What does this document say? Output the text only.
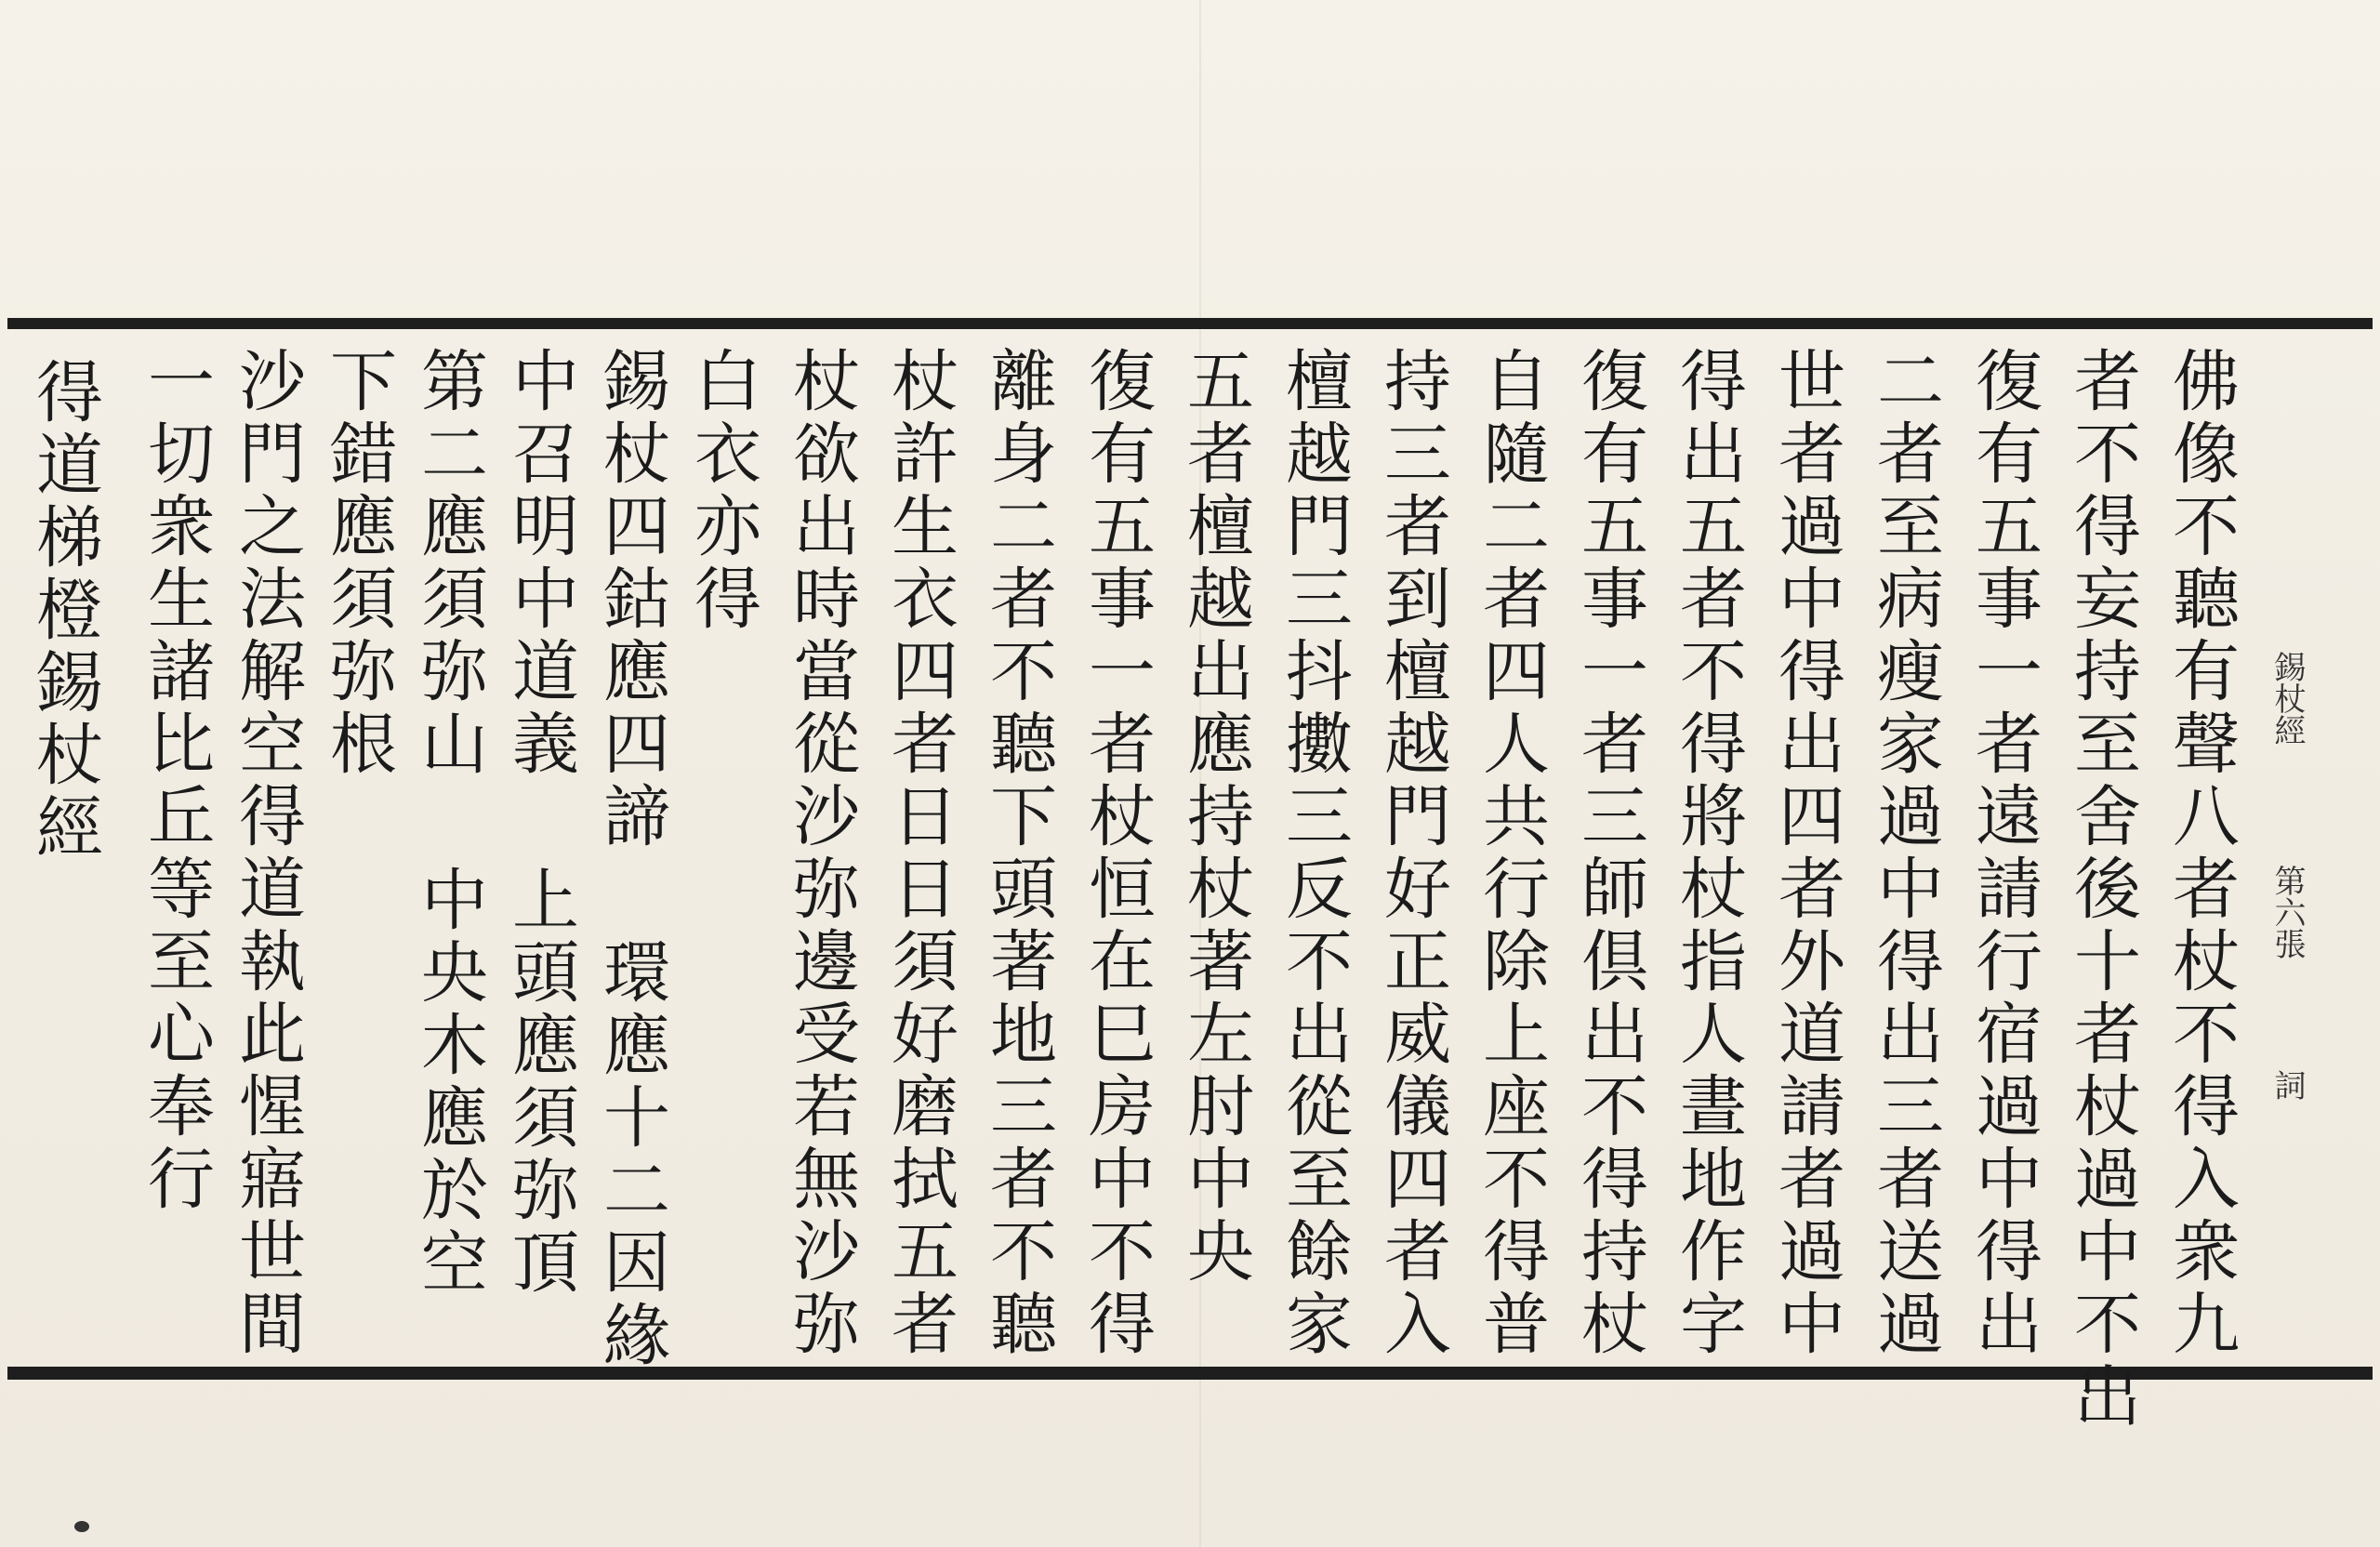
錫杖經
第六張
詞
佛像不聽有聲八者杖不得入衆九
者不得妄持至舍後十者杖過中不出
復有五事一者遠請行宿過中得出
二者至病瘦家過中得出三者送過
世者過中得出四者外道請者過中
得出五者不得將杖指人晝地作字
復有五事一者三師倶出不得持杖
自隨二者四人共行除上座不得普
持三者到檀越門好正威儀四者入
檀越門三抖擻三反不出從至餘家
五者檀越出應持杖著左肘中央
復有五事一者杖恒在巳房中不得
離身二者不聽下頭著地三者不聽
杖許生衣四者日日須好磨拭五者
杖欲出時當從沙弥邊受若無沙弥
白衣亦得
錫杖四鈷應四諦 環應十二因緣
中召明中道義 上頭應須弥頂
第二應須弥山 中央木應於空
下錯應須弥根
沙門之法解空得道執此惺寤世間
一切衆生諸比丘等至心奉行
得道梯橙錫杖經
